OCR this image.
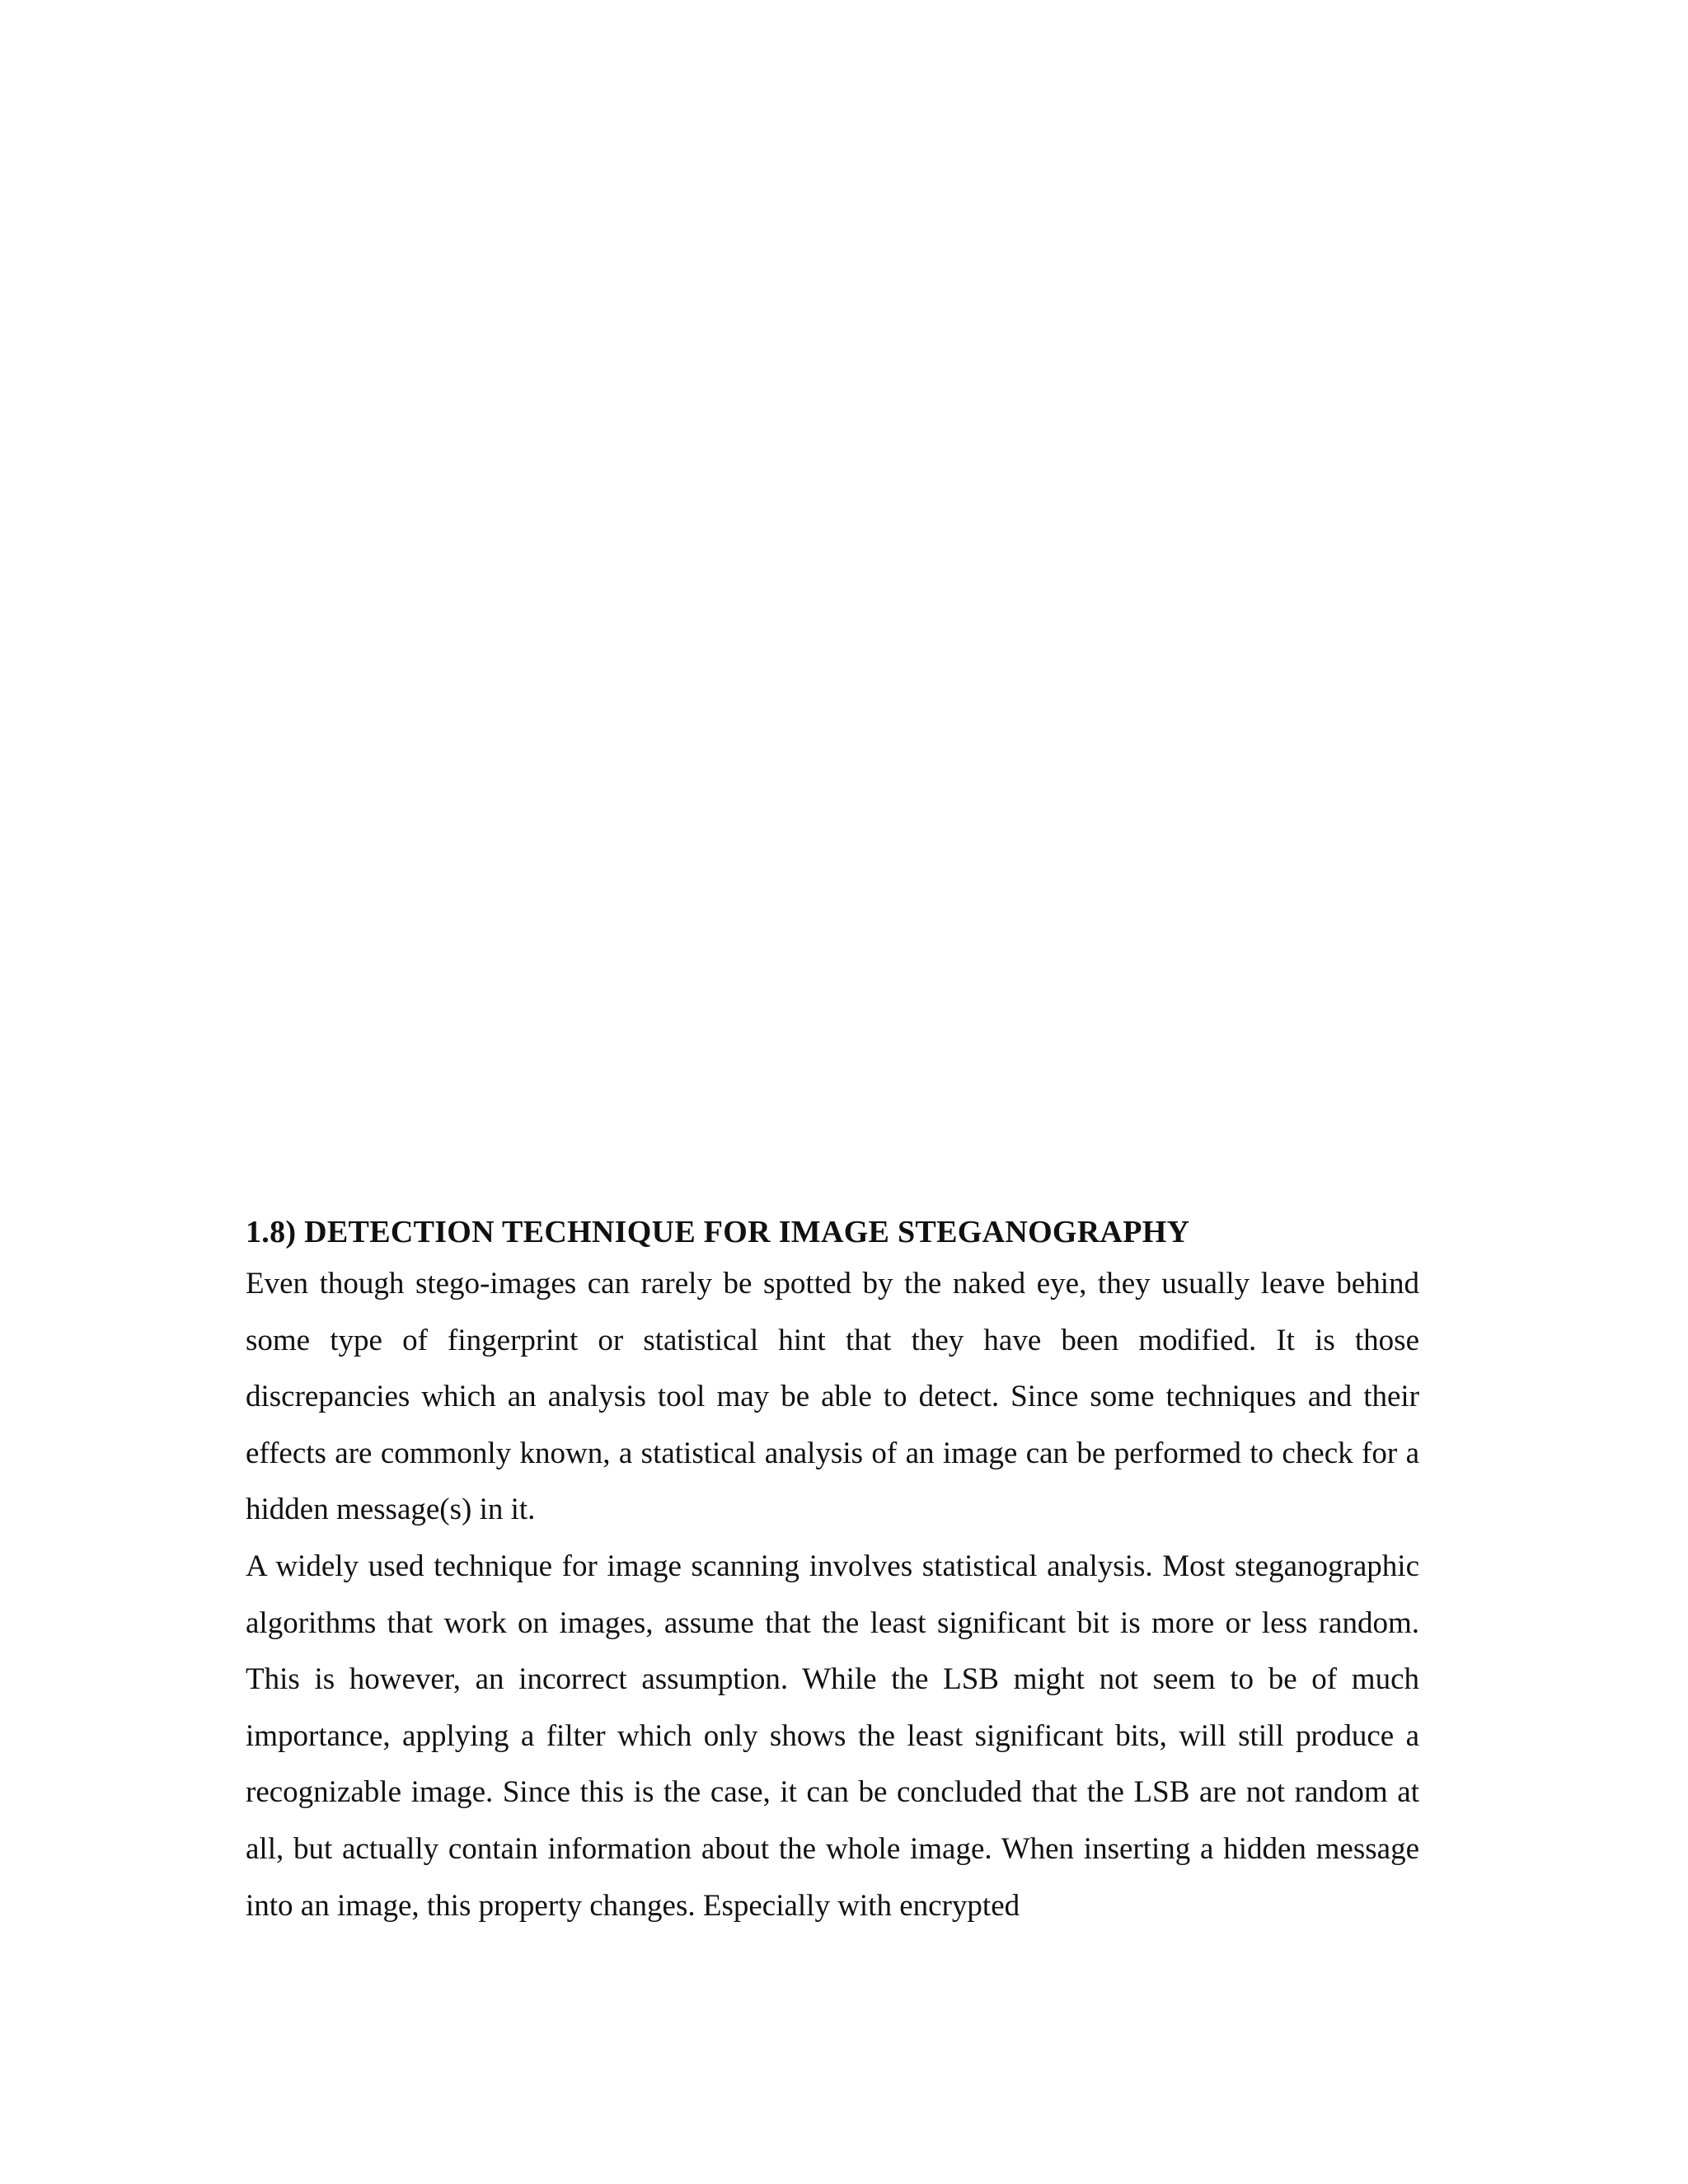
1.8) DETECTION TECHNIQUE FOR IMAGE STEGANOGRAPHY

Even though stego-images can rarely be spotted by the naked eye, they usually leave behind some type of fingerprint or statistical hint that they have been modified. It is those discrepancies which an analysis tool may be able to detect. Since some techniques and their effects are commonly known, a statistical analysis of an image can be performed to check for a hidden message(s) in it.

A widely used technique for image scanning involves statistical analysis. Most steganographic algorithms that work on images, assume that the least significant bit is more or less random. This is however, an incorrect assumption. While the LSB might not seem to be of much importance, applying a filter which only shows the least significant bits, will still produce a recognizable image. Since this is the case, it can be concluded that the LSB are not random at all, but actually contain information about the whole image. When inserting a hidden message into an image, this property changes. Especially with encrypted
